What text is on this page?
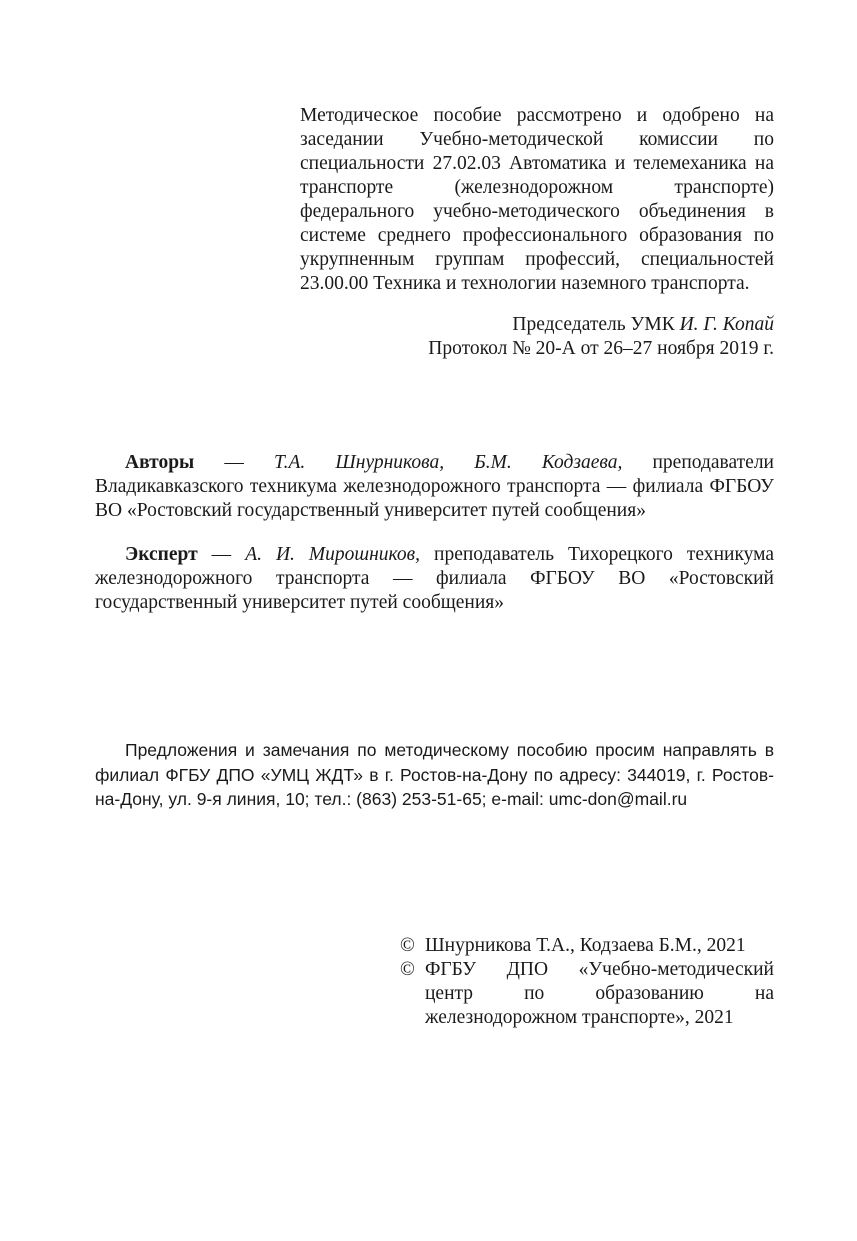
Методическое пособие рассмотрено и одобрено на заседании Учебно-методической комиссии по специальности 27.02.03 Автоматика и телемеханика на транспорте (железнодорожном транспорте) федерального учебно-методического объединения в системе среднего профессионального образования по укрупненным группам профессий, специальностей 23.00.00 Техника и технологии наземного транспорта.

Председатель УМК И. Г. Копай
Протокол № 20-А от 26–27 ноября 2019 г.

Авторы — Т.А. Шнурникова, Б.М. Кодзаева, преподаватели Владикавказского техникума железнодорожного транспорта — филиала ФГБОУ ВО «Ростовский государственный университет путей сообщения»

Эксперт — А. И. Мирошников, преподаватель Тихорецкого техникума железнодорожного транспорта — филиала ФГБОУ ВО «Ростовский государственный университет путей сообщения»

Предложения и замечания по методическому пособию просим направлять в филиал ФГБУ ДПО «УМЦ ЖДТ» в г. Ростов-на-Дону по адресу: 344019, г. Ростов-на-Дону, ул. 9-я линия, 10; тел.: (863) 253-51-65; e-mail: umc-don@mail.ru

© Шнурникова Т.А., Кодзаева Б.М., 2021
© ФГБУ ДПО «Учебно-методический центр по образованию на железнодорожном транспорте», 2021
